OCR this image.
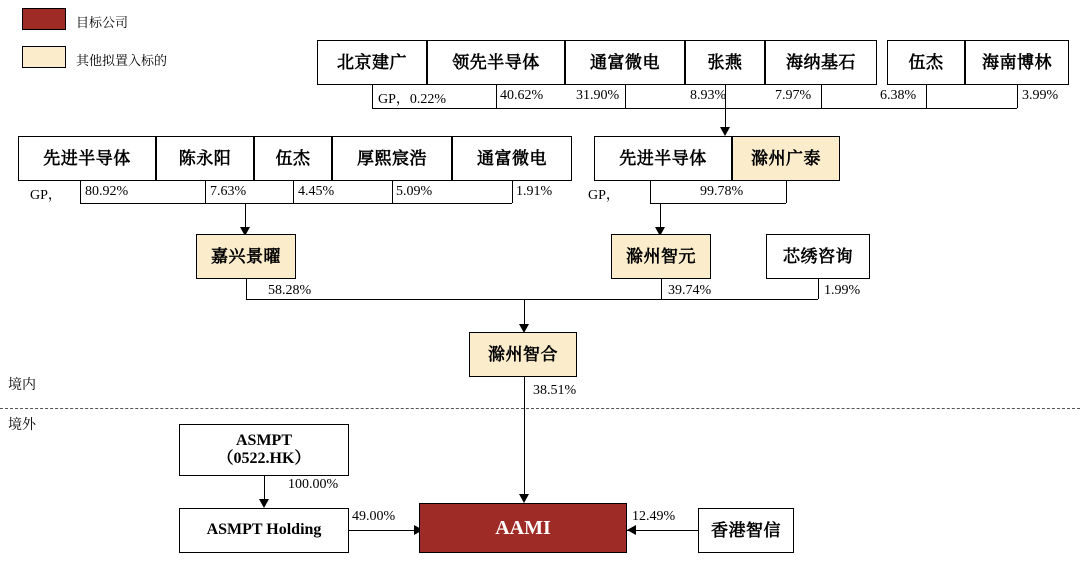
目标公司
其他拟置入标的	北京建广	领先半导体	通富微电	张燕	海纳基石	伍杰	海南博林
GP，0.22%	40.62% 31.90%	8.93%	7.97%	6.38%	3.99%
先进半导体	陈永阳	伍杰	厚熙宸浩	通富微电	先进半导体	滁州广泰
80.92%
GP，	7.63%	4.45%	5.09%	1.91%	GP，	99.78%
嘉兴景曜	滁州智元	芯绣咨询
58.28%	39.74%	1.99%
滁州智合
38.51%
境内
境外
ASMPT
（0522.HK）
100.00%
ASMPT Holding
49.00%	AAMI	12.49%
香港智信
